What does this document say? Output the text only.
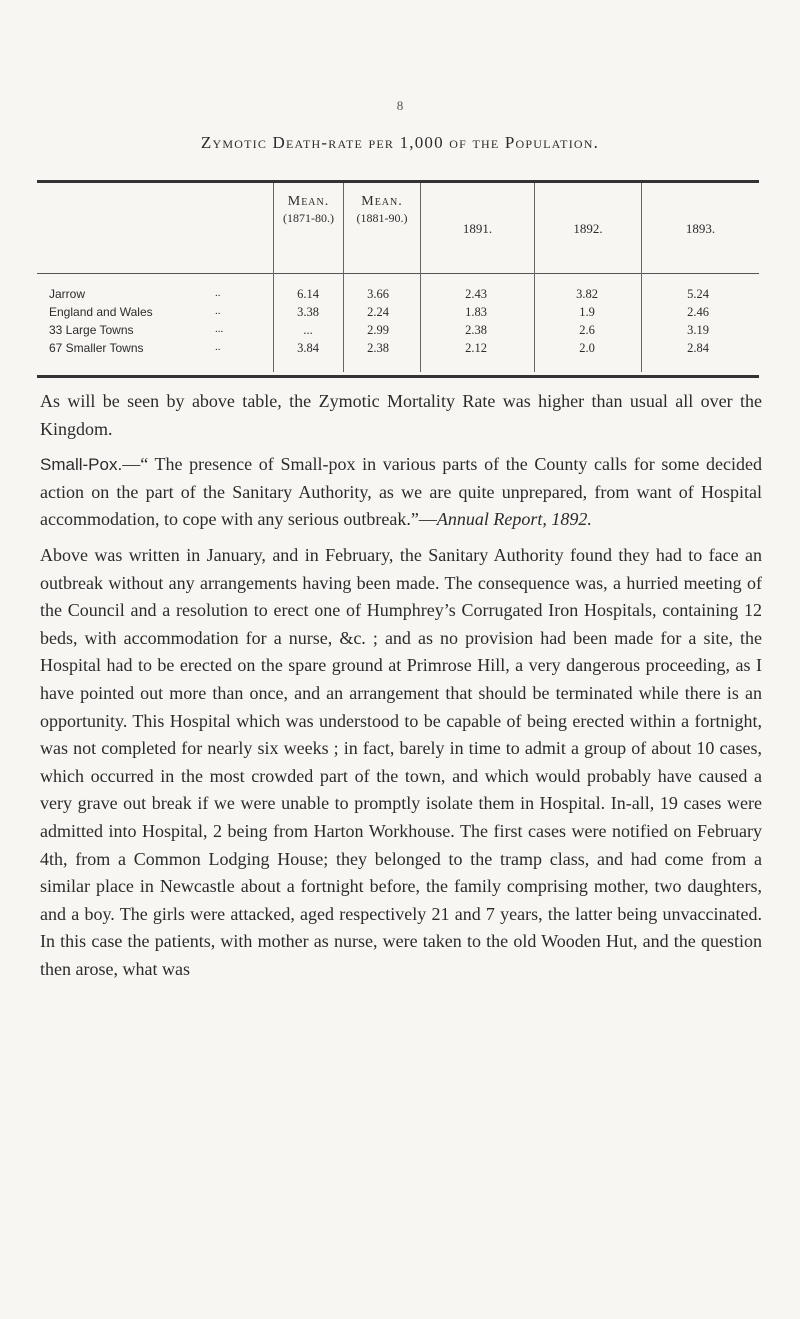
8
Zymotic Death-rate per 1,000 of the Population.
Mean.
(1871-80.)
Mean.
(1881-90.)
1891.	1892.	1893.
Jarrow	..	6.14	3.66	2.43	3.82	5.24
England and Wales	..	3.38	2.24	1.83	1.9	2.46
33 Large Towns	...	...	2.99	2.38	2.6	3.19
67 Smaller Towns	..	3.84	2.38	2.12	2.0	2.84

As will be seen by above table, the Zymotic Mortality Rate was higher than usual all over the Kingdom.

Small-Pox.—“ The presence of Small-pox in various parts of the County calls for some decided action on the part of the Sanitary Authority, as we are quite unprepared, from want of Hospital accommodation, to cope with any serious outbreak.”—Annual Report, 1892.

Above was written in January, and in February, the Sanitary Authority found they had to face an outbreak without any arrangements having been made. The consequence was, a hurried meeting of the Council and a resolution to erect one of Humphrey’s Corrugated Iron Hospitals, containing 12 beds, with accommodation for a nurse, &c. ; and as no provision had been made for a site, the Hospital had to be erected on the spare ground at Primrose Hill, a very dangerous proceeding, as I have pointed out more than once, and an arrangement that should be terminated while there is an opportunity. This Hospital which was understood to be capable of being erected within a fortnight, was not completed for nearly six weeks ; in fact, barely in time to admit a group of about 10 cases, which occurred in the most crowded part of the town, and which would probably have caused a very grave out break if we were unable to promptly isolate them in Hospital. In-all, 19 cases were admitted into Hospital, 2 being from Harton Workhouse. The first cases were notified on February 4th, from a Common Lodging House; they belonged to the tramp class, and had come from a similar place in Newcastle about a fortnight before, the family comprising mother, two daughters, and a boy. The girls were attacked, aged respectively 21 and 7 years, the latter being unvaccinated. In this case the patients, with mother as nurse, were taken to the old Wooden Hut, and the question then arose, what was
